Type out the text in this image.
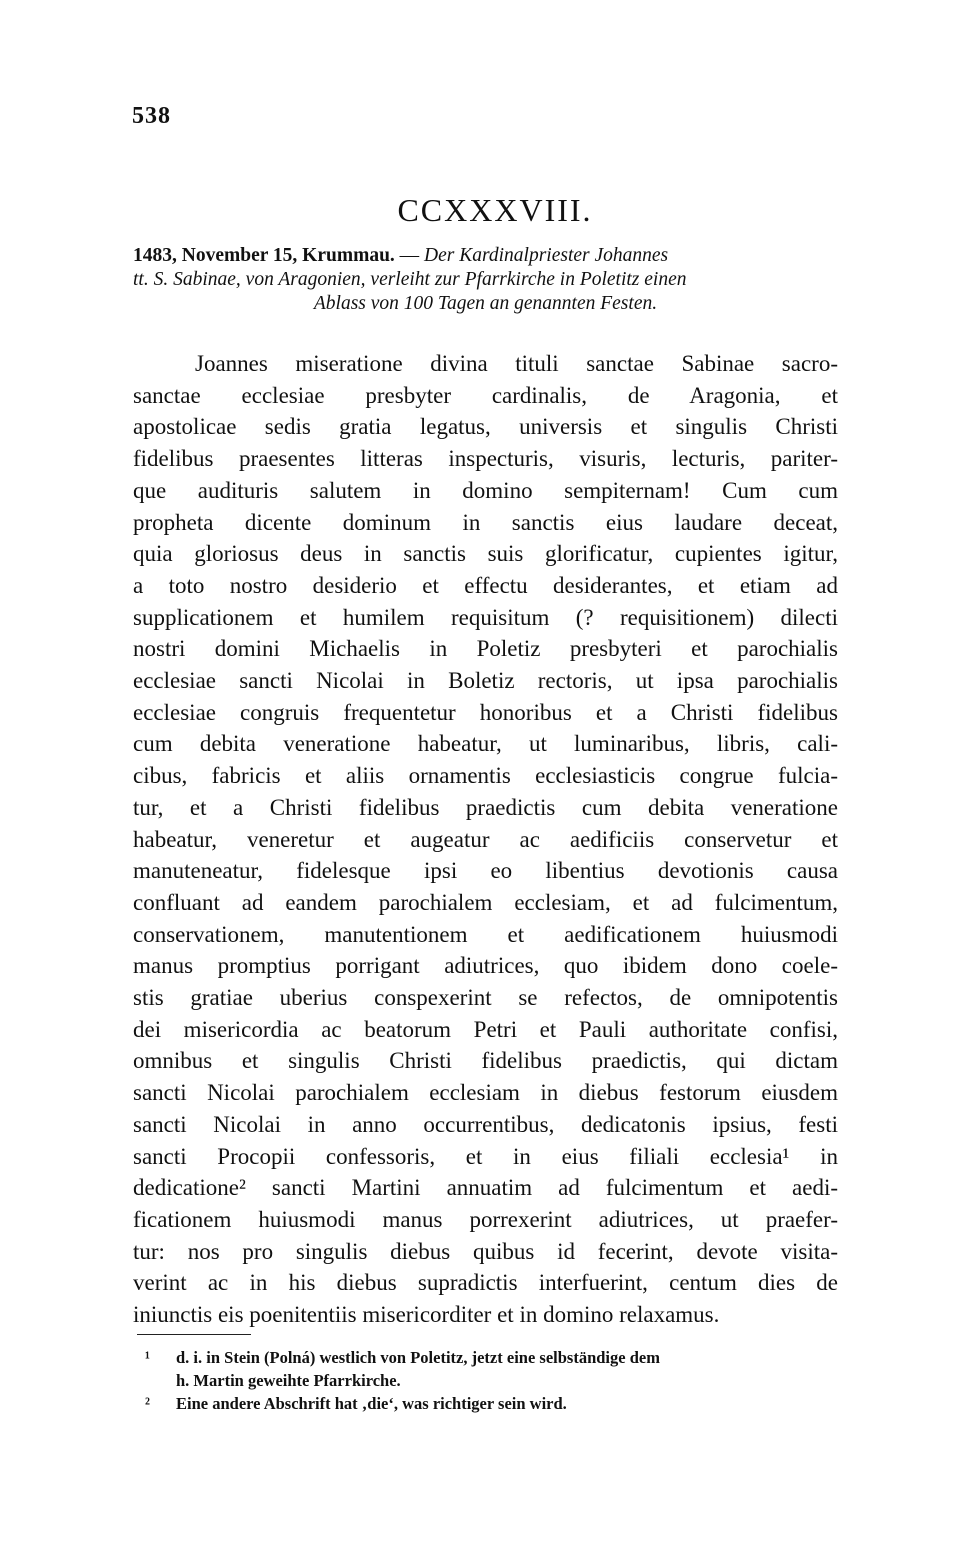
538
CCXXXVIII.
1483, November 15, Krummau. — Der Kardinalpriester Johannes
tt. S. Sabinae, von Aragonien, verleiht zur Pfarrkirche in Poletitz einen
Ablass von 100 Tagen an genannten Festen.
Joannes miseratione divina tituli sanctae Sabinae sacro-
sanctae ecclesiae presbyter cardinalis, de Aragonia, et
apostolicae sedis gratia legatus, universis et singulis Christi
fidelibus praesentes litteras inspecturis, visuris, lecturis, pariter-
que audituris salutem in domino sempiternam! Cum cum
propheta dicente dominum in sanctis eius laudare deceat,
quia gloriosus deus in sanctis suis glorificatur, cupientes igitur,
a toto nostro desiderio et effectu desiderantes, et etiam ad
supplicationem et humilem requisitum (? requisitionem) dilecti
nostri domini Michaelis in Poletiz presbyteri et parochialis
ecclesiae sancti Nicolai in Boletiz rectoris, ut ipsa parochialis
ecclesiae congruis frequentetur honoribus et a Christi fidelibus
cum debita veneratione habeatur, ut luminaribus, libris, cali-
cibus, fabricis et aliis ornamentis ecclesiasticis congrue fulcia-
tur, et a Christi fidelibus praedictis cum debita veneratione
habeatur, veneretur et augeatur ac aedificiis conservetur et
manuteneatur, fidelesque ipsi eo libentius devotionis causa
confluant ad eandem parochialem ecclesiam, et ad fulcimentum,
conservationem, manutentionem et aedificationem huiusmodi
manus promptius porrigant adiutrices, quo ibidem dono coele-
stis gratiae uberius conspexerint se refectos, de omnipotentis
dei misericordia ac beatorum Petri et Pauli authoritate confisi,
omnibus et singulis Christi fidelibus praedictis, qui dictam
sancti Nicolai parochialem ecclesiam in diebus festorum eiusdem
sancti Nicolai in anno occurrentibus, dedicatonis ipsius, festi
sancti Procopii confessoris, et in eius filiali ecclesia¹ in
dedicatione² sancti Martini annuatim ad fulcimentum et aedi-
ficationem huiusmodi manus porrexerint adiutrices, ut praefer-
tur: nos pro singulis diebus quibus id fecerint, devote visita-
verint ac in his diebus supradictis interfuerint, centum dies de
iniunctis eis poenitentiis misericorditer et in domino relaxamus.
¹ d. i. in Stein (Polná) westlich von Poletitz, jetzt eine selbständige dem
h. Martin geweihte Pfarrkirche.
² Eine andere Abschrift hat ‚die‘, was richtiger sein wird.
